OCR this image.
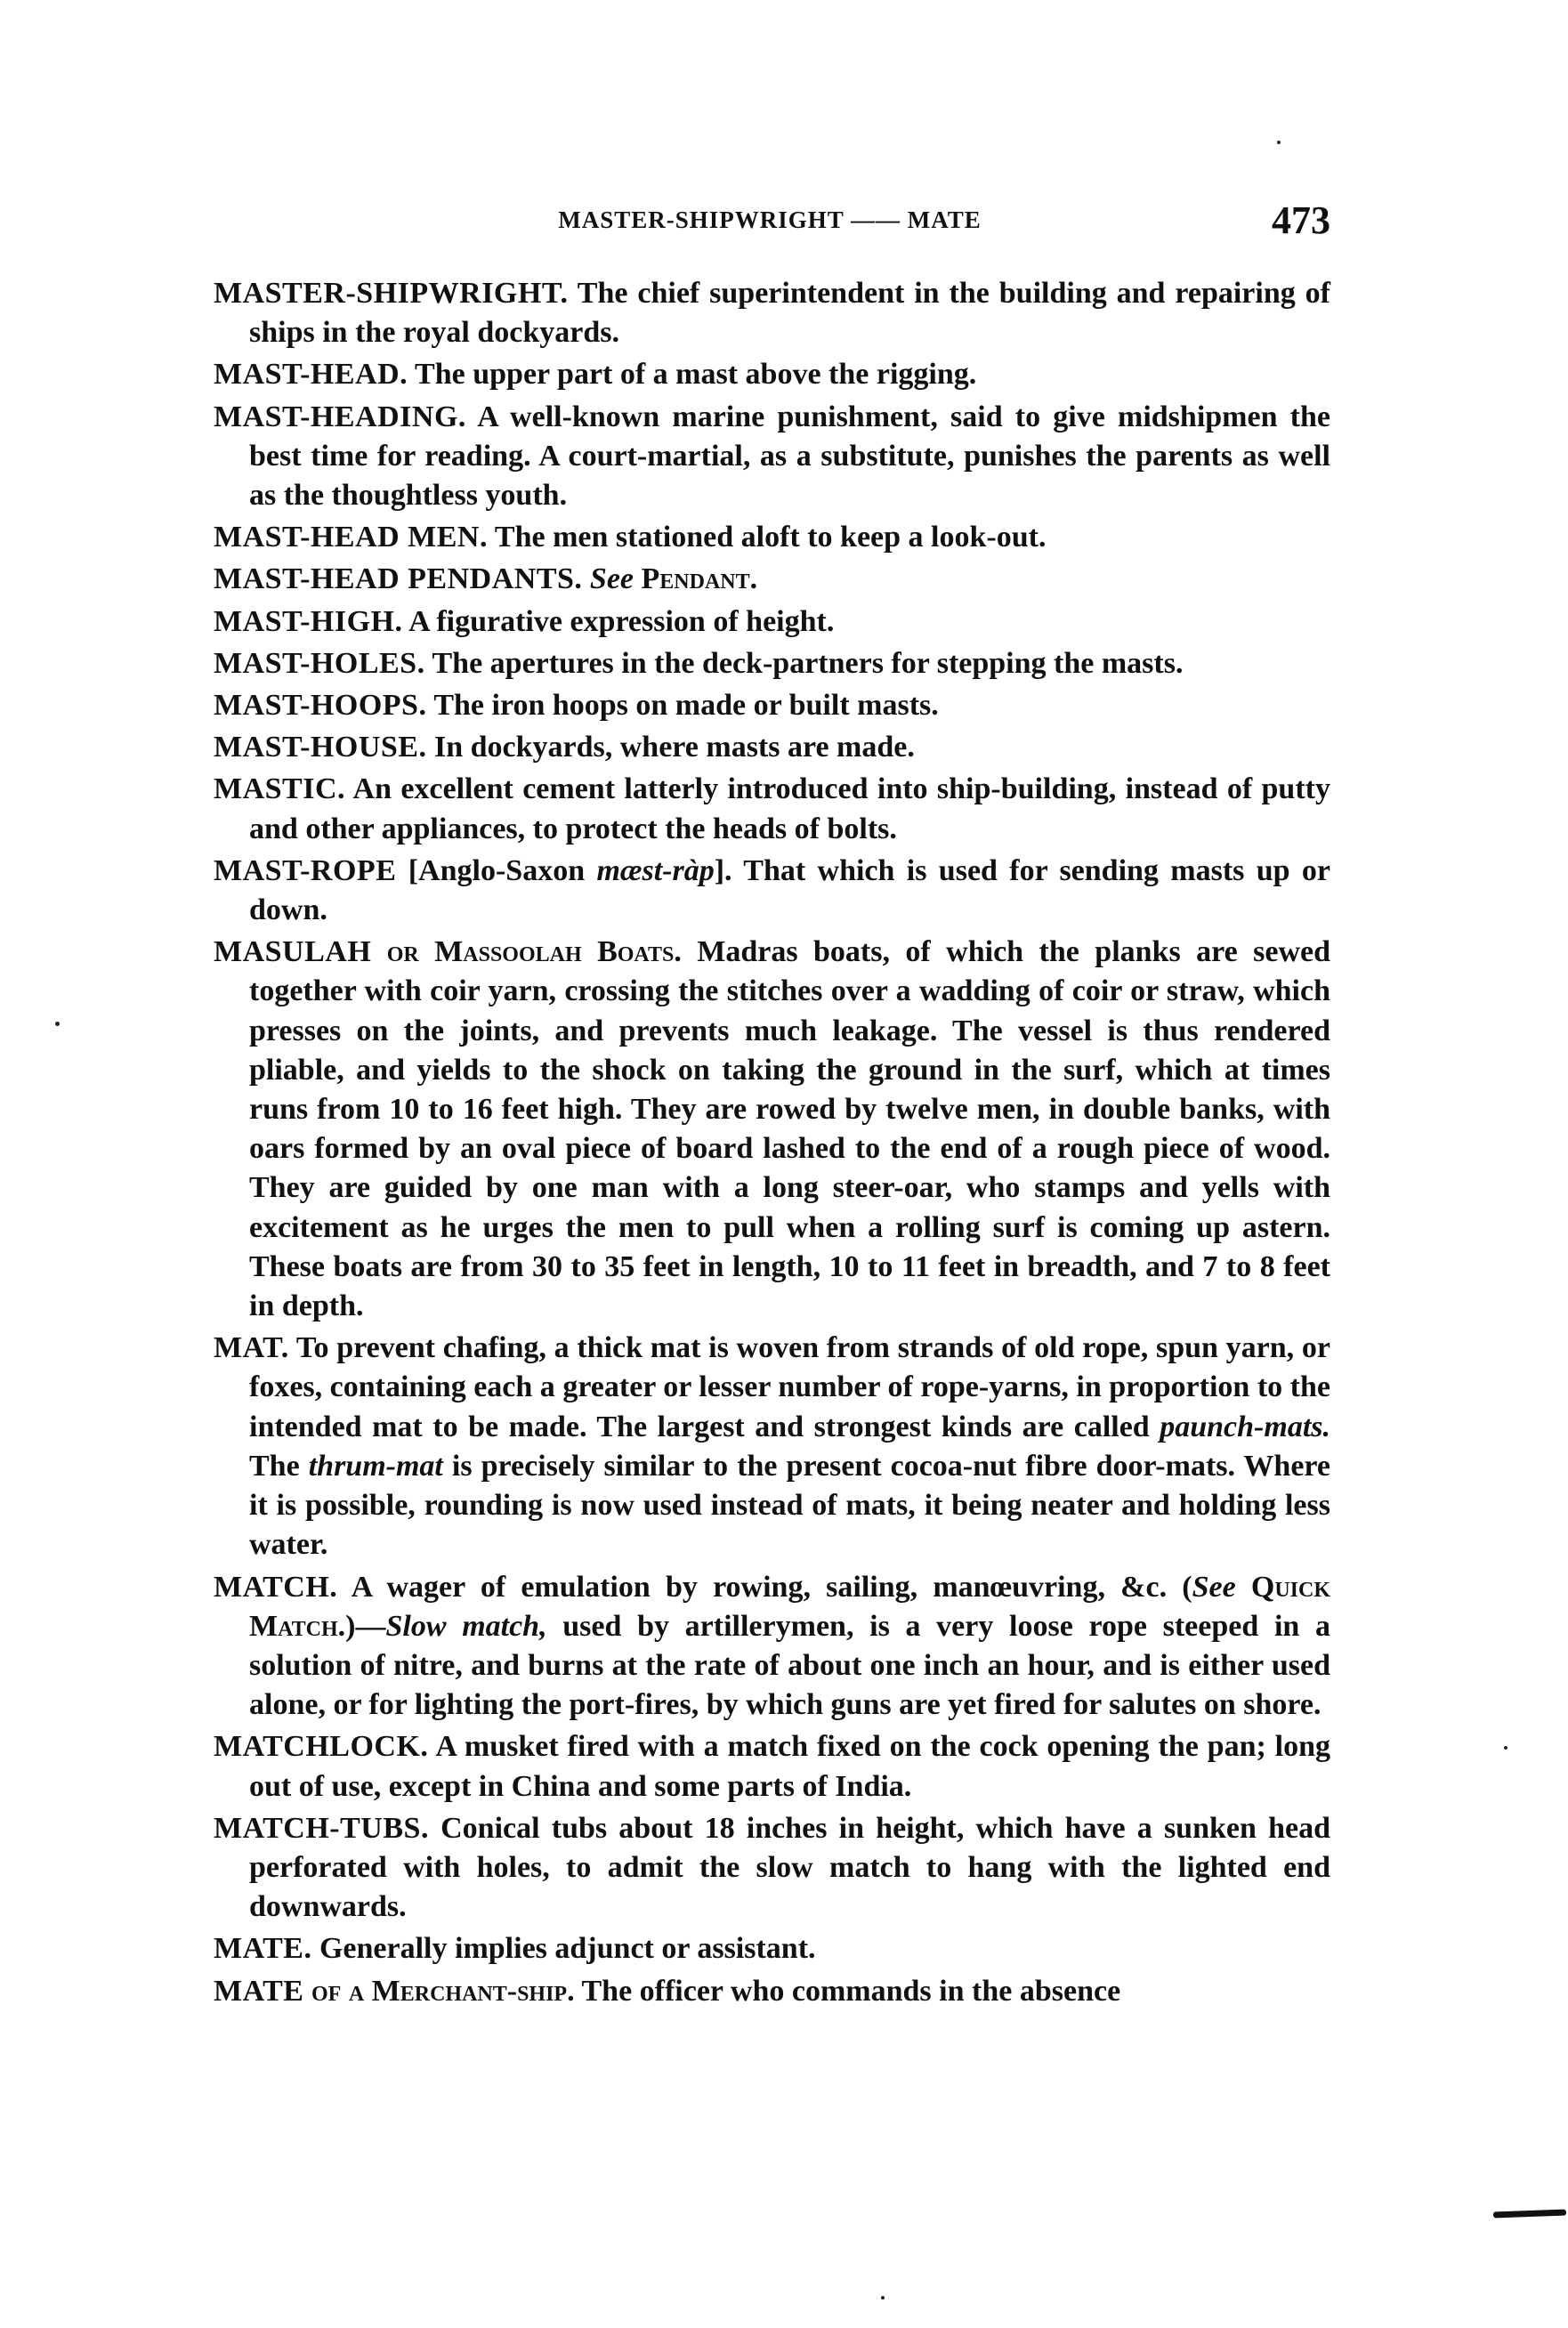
MASTER-SHIPWRIGHT —— MATE	473

MASTER-SHIPWRIGHT. The chief superintendent in the building and repairing of ships in the royal dockyards.

MAST-HEAD. The upper part of a mast above the rigging.

MAST-HEADING. A well-known marine punishment, said to give midshipmen the best time for reading. A court-martial, as a substitute, punishes the parents as well as the thoughtless youth.

MAST-HEAD MEN. The men stationed aloft to keep a look-out.

MAST-HEAD PENDANTS. See Pendant.

MAST-HIGH. A figurative expression of height.

MAST-HOLES. The apertures in the deck-partners for stepping the masts.

MAST-HOOPS. The iron hoops on made or built masts.

MAST-HOUSE. In dockyards, where masts are made.

MASTIC. An excellent cement latterly introduced into ship-building, instead of putty and other appliances, to protect the heads of bolts.

MAST-ROPE [Anglo-Saxon mæst-ràp]. That which is used for sending masts up or down.

MASULAH or Massoolah Boats. Madras boats, of which the planks are sewed together with coir yarn, crossing the stitches over a wadding of coir or straw, which presses on the joints, and prevents much leakage. The vessel is thus rendered pliable, and yields to the shock on taking the ground in the surf, which at times runs from 10 to 16 feet high. They are rowed by twelve men, in double banks, with oars formed by an oval piece of board lashed to the end of a rough piece of wood. They are guided by one man with a long steer-oar, who stamps and yells with excitement as he urges the men to pull when a rolling surf is coming up astern. These boats are from 30 to 35 feet in length, 10 to 11 feet in breadth, and 7 to 8 feet in depth.

MAT. To prevent chafing, a thick mat is woven from strands of old rope, spun yarn, or foxes, containing each a greater or lesser number of rope-yarns, in proportion to the intended mat to be made. The largest and strongest kinds are called paunch-mats. The thrum-mat is precisely similar to the present cocoa-nut fibre door-mats. Where it is possible, rounding is now used instead of mats, it being neater and holding less water.

MATCH. A wager of emulation by rowing, sailing, manœuvring, &c. (See Quick Match.)—Slow match, used by artillerymen, is a very loose rope steeped in a solution of nitre, and burns at the rate of about one inch an hour, and is either used alone, or for lighting the port-fires, by which guns are yet fired for salutes on shore.

MATCHLOCK. A musket fired with a match fixed on the cock opening the pan; long out of use, except in China and some parts of India.

MATCH-TUBS. Conical tubs about 18 inches in height, which have a sunken head perforated with holes, to admit the slow match to hang with the lighted end downwards.

MATE. Generally implies adjunct or assistant.

MATE of a Merchant-ship. The officer who commands in the absence
